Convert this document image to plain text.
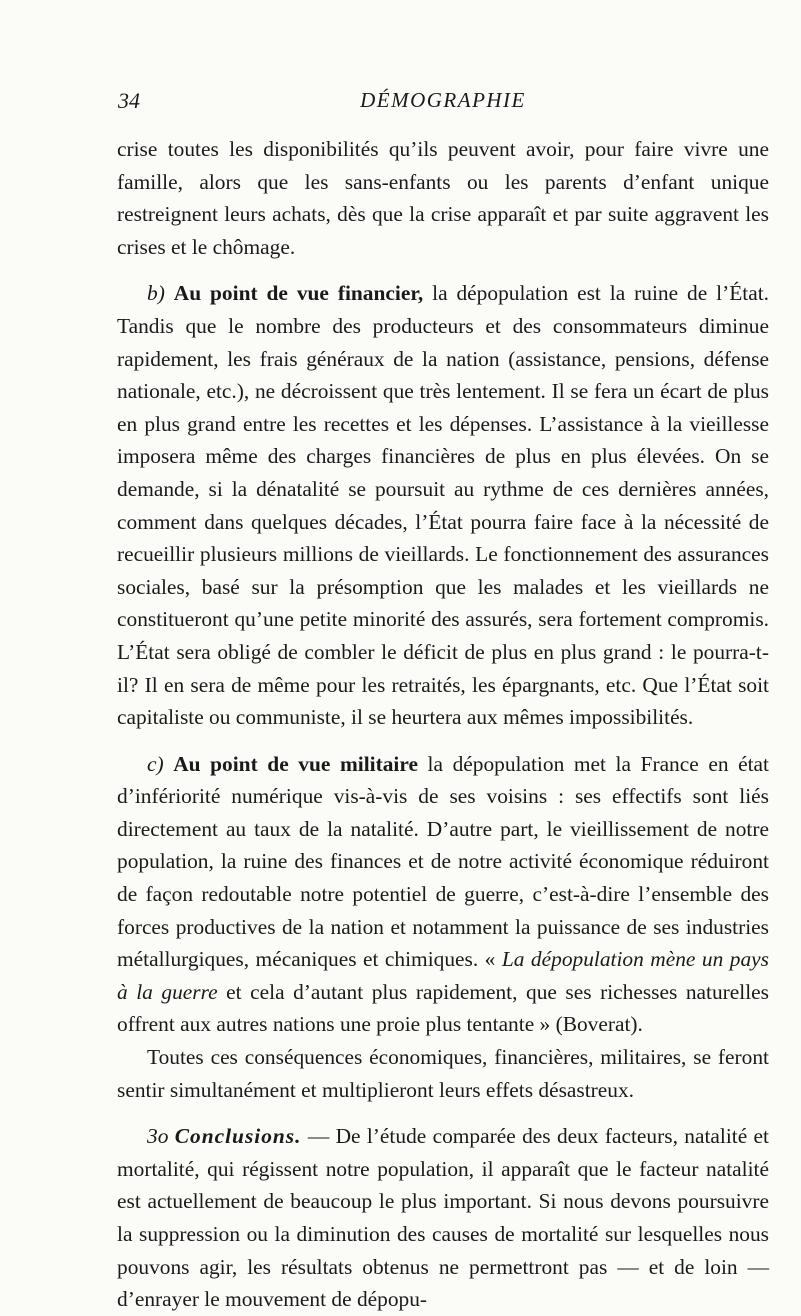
34	DÉMOGRAPHIE

crise toutes les disponibilités qu’ils peuvent avoir, pour faire vivre une famille, alors que les sans-enfants ou les parents d’enfant unique restreignent leurs achats, dès que la crise apparaît et par suite aggravent les crises et le chômage.

b) Au point de vue financier, la dépopulation est la ruine de l’État. Tandis que le nombre des producteurs et des consommateurs diminue rapidement, les frais généraux de la nation (assistance, pensions, défense nationale, etc.), ne décroissent que très lentement. Il se fera un écart de plus en plus grand entre les recettes et les dépenses. L’assistance à la vieillesse imposera même des charges financières de plus en plus élevées. On se demande, si la dénatalité se poursuit au rythme de ces dernières années, comment dans quelques décades, l’État pourra faire face à la nécessité de recueillir plusieurs millions de vieillards. Le fonctionnement des assurances sociales, basé sur la présomption que les malades et les vieillards ne constitueront qu’une petite minorité des assurés, sera fortement compromis. L’État sera obligé de combler le déficit de plus en plus grand : le pourra-t-il? Il en sera de même pour les retraités, les épargnants, etc. Que l’État soit capitaliste ou communiste, il se heurtera aux mêmes impossibilités.

c) Au point de vue militaire la dépopulation met la France en état d’infériorité numérique vis-à-vis de ses voisins : ses effectifs sont liés directement au taux de la natalité. D’autre part, le vieillissement de notre population, la ruine des finances et de notre activité économique réduiront de façon redoutable notre potentiel de guerre, c’est-à-dire l’ensemble des forces productives de la nation et notamment la puissance de ses industries métallurgiques, mécaniques et chimiques. « La dépopulation mène un pays à la guerre et cela d’autant plus rapidement, que ses richesses naturelles offrent aux autres nations une proie plus tentante » (Boverat).

Toutes ces conséquences économiques, financières, militaires, se feront sentir simultanément et multiplieront leurs effets désastreux.

3o Conclusions. — De l’étude comparée des deux facteurs, natalité et mortalité, qui régissent notre population, il apparaît que le facteur natalité est actuellement de beaucoup le plus important. Si nous devons poursuivre la suppression ou la diminution des causes de mortalité sur lesquelles nous pouvons agir, les résultats obtenus ne permettront pas — et de loin — d’enrayer le mouvement de dépopu-
